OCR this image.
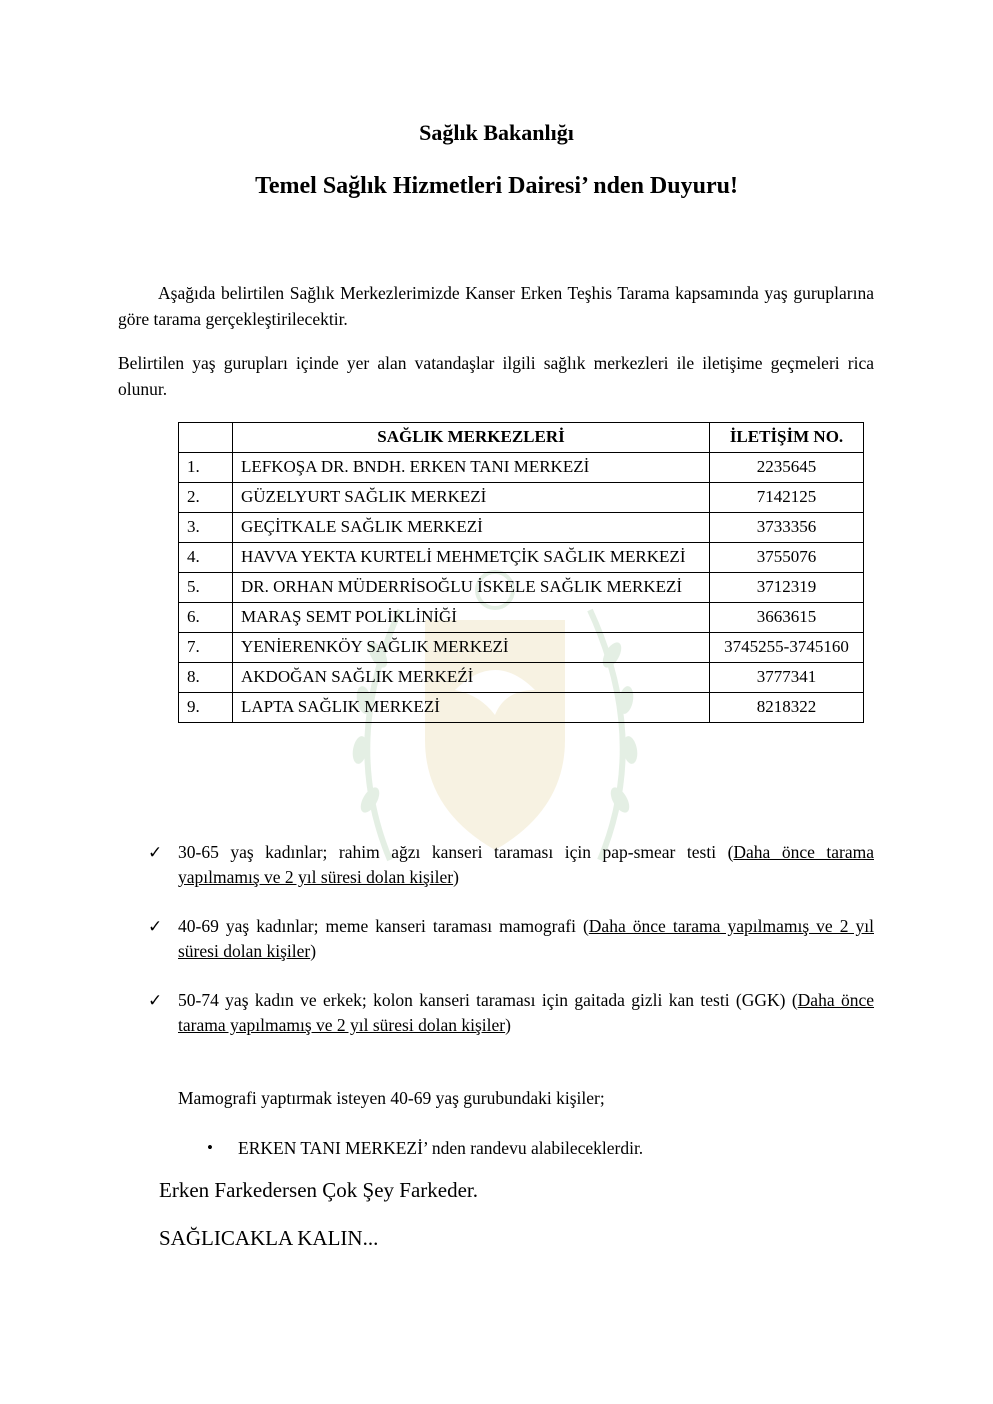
Sağlık Bakanlığı
Temel Sağlık Hizmetleri Dairesi’ nden Duyuru!
Aşağıda belirtilen Sağlık Merkezlerimizde Kanser Erken Teşhis Tarama kapsamında yaş guruplarına göre tarama gerçekleştirilecektir.
Belirtilen yaş gurupları içinde yer alan vatandaşlar ilgili sağlık merkezleri ile iletişime geçmeleri rica olunur.
	SAĞLIK MERKEZLERİ	İLETİŞİM NO.
1.	LEFKOŞA DR. BNDH. ERKEN TANI MERKEZİ	2235645
2.	GÜZELYURT SAĞLIK MERKEZİ	7142125
3.	GEÇİTKALE SAĞLIK MERKEZİ	3733356
4.	HAVVA YEKTA KURTELİ MEHMETÇİK SAĞLIK MERKEZİ	3755076
5.	DR. ORHAN MÜDERRİSOĞLU İSKELE SAĞLIK MERKEZİ	3712319
6.	MARAŞ SEMT POLİKLİNİĞİ	3663615
7.	YENİERENKÖY SAĞLIK MERKEZİ	3745255-3745160
8.	AKDOĞAN SAĞLIK MERKEŹİ	3777341
9.	LAPTA SAĞLIK MERKEZİ	8218322
✓ 30-65 yaş kadınlar; rahim ağzı kanseri taraması için pap-smear testi (Daha önce tarama yapılmamış ve 2 yıl süresi dolan kişiler)
✓ 40-69 yaş kadınlar; meme kanseri taraması mamografi (Daha önce tarama yapılmamış ve 2 yıl süresi dolan kişiler)
✓ 50-74 yaş kadın ve erkek; kolon kanseri taraması için gaitada gizli kan testi (GGK) (Daha önce tarama yapılmamış ve 2 yıl süresi dolan kişiler)
Mamografi yaptırmak isteyen 40-69 yaş gurubundaki kişiler;
• ERKEN TANI MERKEZİ’ nden randevu alabileceklerdir.
Erken Farkedersen Çok Şey Farkeder.
SAĞLICAKLA KALIN...
